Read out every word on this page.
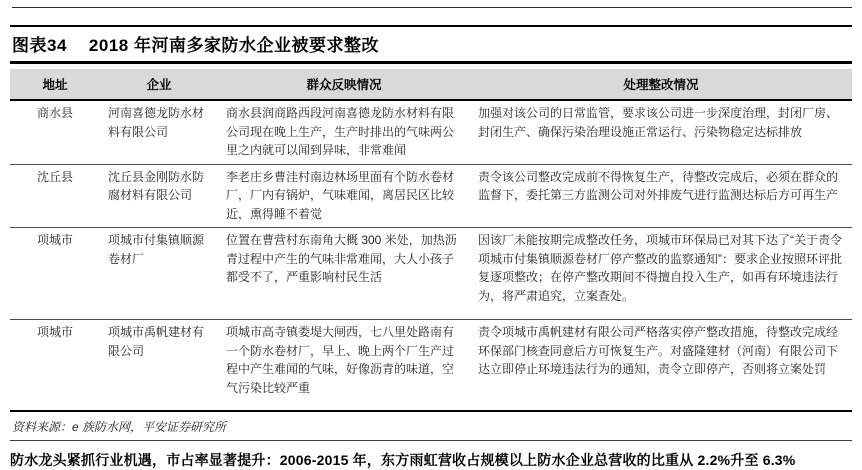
图表34 2018 年河南多家防水企业被要求整改
地址	企业	群众反映情况	处理整改情况
商水县	河南喜德龙防水材料有限公司	商水县润商路西段河南喜德龙防水材料有限公司现在晚上生产，生产时排出的气味两公里之内就可以闻到异味，非常难闻	加强对该公司的日常监管，要求该公司进一步深度治理，封闭厂房、封闭生产、确保污染治理设施正常运行、污染物稳定达标排放
沈丘县	沈丘县金刚防水防腐材料有限公司	李老庄乡曹洼村南边林场里面有个防水卷材厂，厂内有锅炉，气味难闻，离居民区比较近，熏得睡不着觉	责令该公司整改完成前不得恢复生产，待整改完成后，必须在群众的监督下，委托第三方监测公司对外排废气进行监测达标后方可再生产
项城市	项城市付集镇顺源卷材厂	位置在曹营村东南角大概 300 米处，加热沥青过程中产生的气味非常难闻，大人小孩子都受不了，严重影响村民生活	因该厂未能按期完成整改任务，项城市环保局已对其下达了“关于责令项城市付集镇顺源卷材厂停产整改的监察通知”：要求企业按照环评批复逐项整改；在停产整改期间不得擅自投入生产，如再有环境违法行为，将严肃追究，立案查处。
项城市	项城市禹帆建材有限公司	项城市高寺镇娄堤大闸西，七八里处路南有一个防水卷材厂，早上、晚上两个厂生产过程中产生难闻的气味，好像沥青的味道，空气污染比较严重	责令项城市禹帆建材有限公司严格落实停产整改措施，待整改完成经环保部门核查同意后方可恢复生产。对盛隆建材（河南）有限公司下达立即停止环境违法行为的通知，责令立即停产，否则将立案处罚
资料来源：e 族防水网，平安证券研究所

防水龙头紧抓行业机遇，市占率显著提升：2006-2015 年，东方雨虹营收占规模以上防水企业总营收的比重从 2.2%升至 6.3%
